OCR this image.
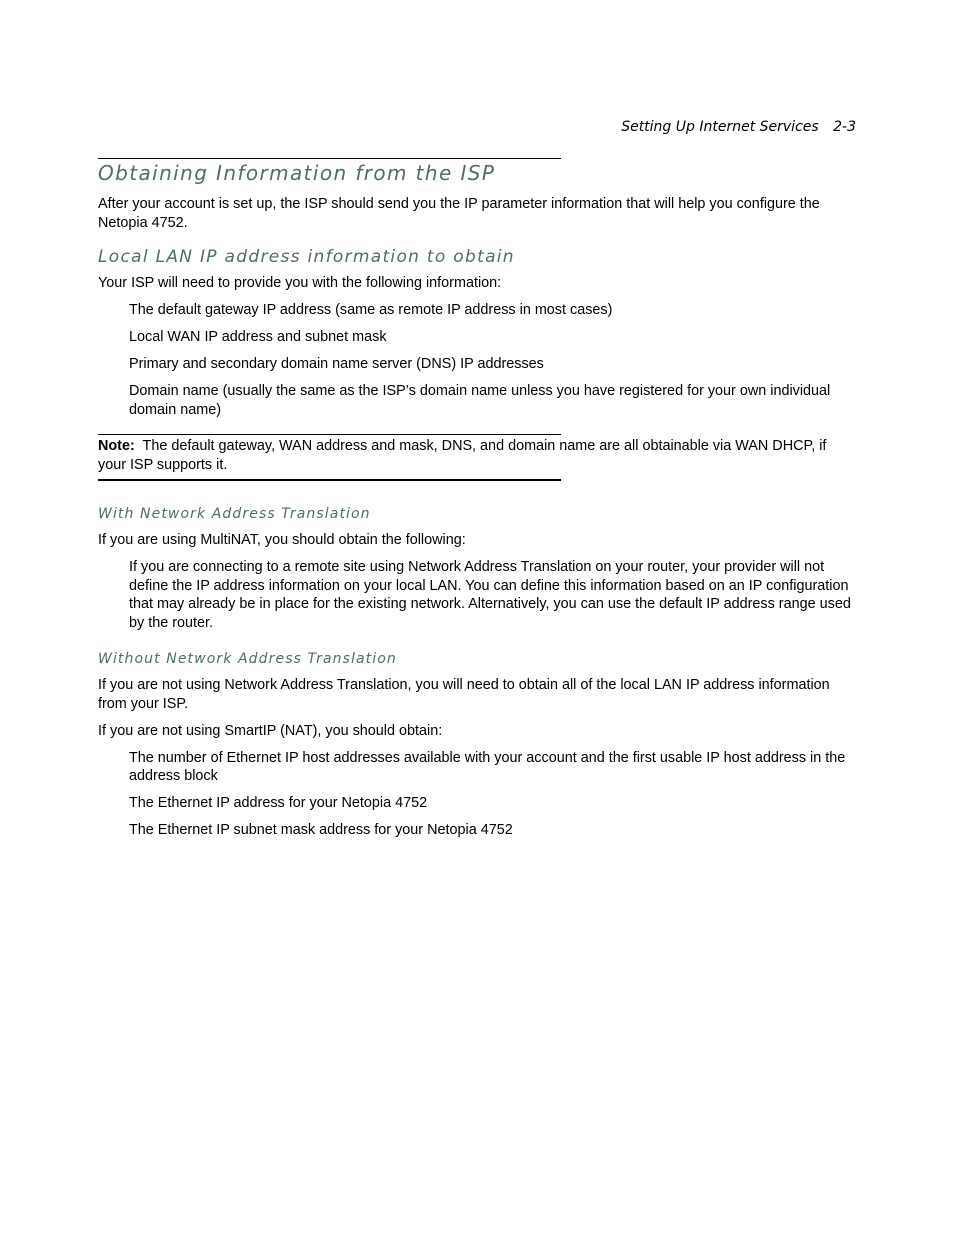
Setting Up Internet Services 2-3
Obtaining Information from the ISP

After your account is set up, the ISP should send you the IP parameter information that will help you configure the Netopia 4752.

Local LAN IP address information to obtain

Your ISP will need to provide you with the following information:

The default gateway IP address (same as remote IP address in most cases)

Local WAN IP address and subnet mask

Primary and secondary domain name server (DNS) IP addresses

Domain name (usually the same as the ISP’s domain name unless you have registered for your own individual domain name)

Note: The default gateway, WAN address and mask, DNS, and domain name are all obtainable via WAN DHCP, if your ISP supports it.

With Network Address Translation

If you are using MultiNAT, you should obtain the following:

If you are connecting to a remote site using Network Address Translation on your router, your provider will not define the IP address information on your local LAN. You can define this information based on an IP configuration that may already be in place for the existing network. Alternatively, you can use the default IP address range used by the router.

Without Network Address Translation

If you are not using Network Address Translation, you will need to obtain all of the local LAN IP address information from your ISP.

If you are not using SmartIP (NAT), you should obtain:

The number of Ethernet IP host addresses available with your account and the first usable IP host address in the address block

The Ethernet IP address for your Netopia 4752

The Ethernet IP subnet mask address for your Netopia 4752
